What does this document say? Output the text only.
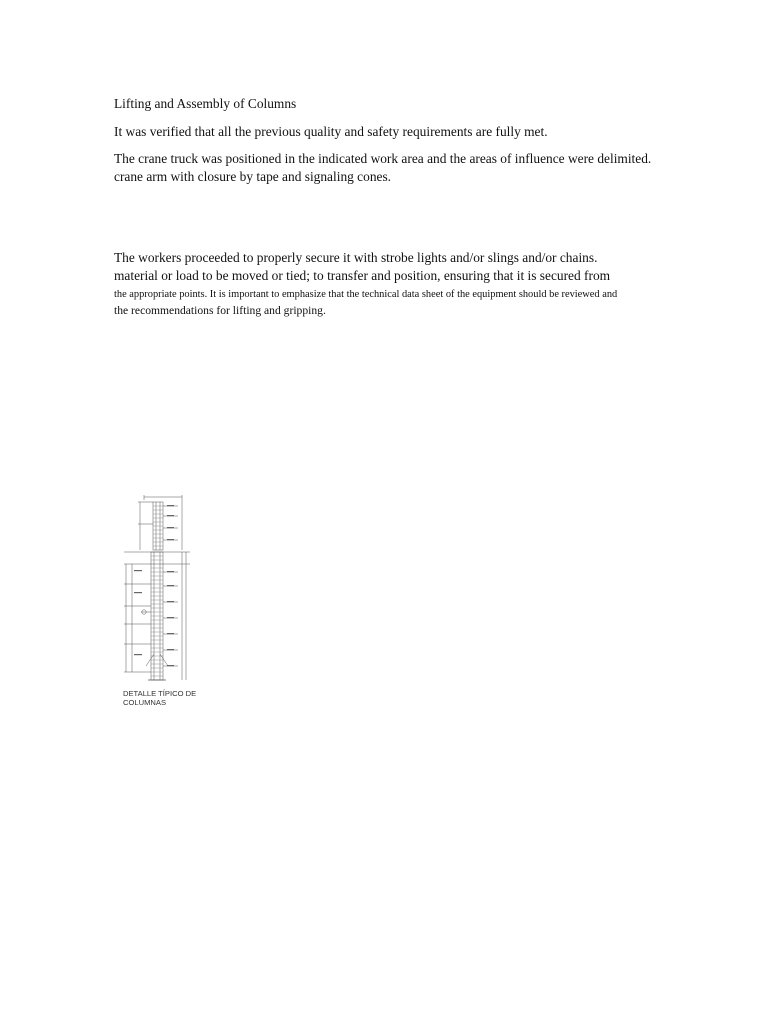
Lifting and Assembly of Columns
It was verified that all the previous quality and safety requirements are fully met.
The crane truck was positioned in the indicated work area and the areas of influence were delimited.
crane arm with closure by tape and signaling cones.
The workers proceeded to properly secure it with strobe lights and/or slings and/or chains.
material or load to be moved or tied; to transfer and position, ensuring that it is secured from
the appropriate points. It is important to emphasize that the technical data sheet of the equipment should be reviewed and
the recommendations for lifting and gripping.
DETALLE TÍPICO DE
COLUMNAS
